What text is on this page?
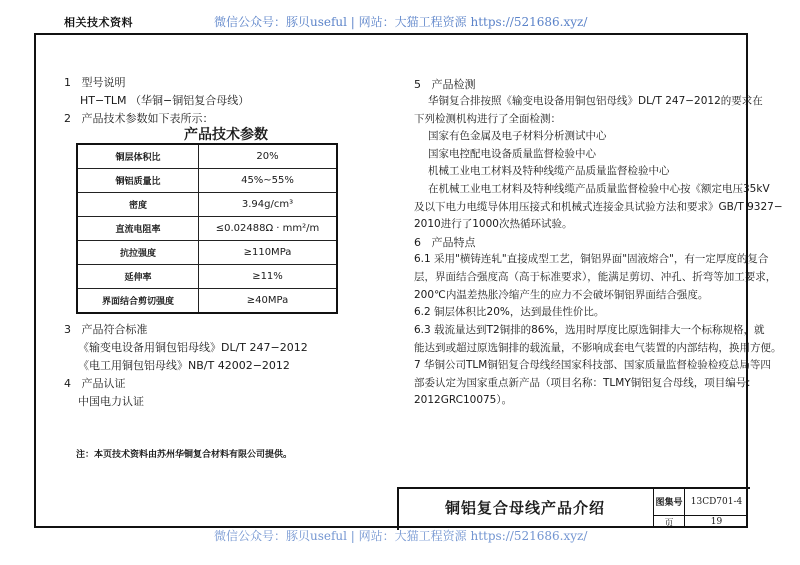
相关技术资料	微信公众号：豚贝useful | 网站：大猫工程资源 https://521686.xyz/
1 型号说明
HT−TLM （华铜−铜铝复合母线）
2 产品技术参数如下表所示：
产品技术参数
铜层体积比	20%
铜铝质量比	45%~55%
密度	3.94g/cm³
直流电阻率	≤0.02488Ω · mm²/m
抗拉强度	≥110MPa
延伸率	≥11%
界面结合剪切强度	≥40MPa
3 产品符合标准
《输变电设备用铜包铝母线》DL/T 247−2012
《电工用铜包铝母线》NB/T 42002−2012
4 产品认证
中国电力认证
注：本页技术资料由苏州华铜复合材料有限公司提供。
5 产品检测
华铜复合排按照《输变电设备用铜包铝母线》DL/T 247−2012的要求在
下列检测机构进行了全面检测：
国家有色金属及电子材料分析测试中心
国家电控配电设备质量监督检验中心
机械工业电工材料及特种线缆产品质量监督检验中心
在机械工业电工材料及特种线缆产品质量监督检验中心按《额定电压35kV
及以下电力电缆导体用压接式和机械式连接金具试验方法和要求》GB/T 9327−
2010进行了1000次热循环试验。
6 产品特点
6.1 采用"横铸连轧"直接成型工艺，铜铝界面"固液熔合"，有一定厚度的复合
层，界面结合强度高（高于标准要求），能满足剪切、冲孔、折弯等加工要求，
200℃内温差热胀冷缩产生的应力不会破坏铜铝界面结合强度。
6.2 铜层体积比20%，达到最佳性价比。
6.3 载流量达到T2铜排的86%，选用时厚度比原选铜排大一个标称规格，就
能达到或超过原选铜排的载流量，不影响成套电气装置的内部结构，换用方便。
7 华铜公司TLM铜铝复合母线经国家科技部、国家质量监督检验检疫总局等四
部委认定为国家重点新产品（项目名称：TLMY铜铝复合母线，项目编号：
2012GRC10075）。
铜铝复合母线产品介绍	图集号 13CD701-4
页	19
微信公众号：豚贝useful | 网站：大猫工程资源 https://521686.xyz/
